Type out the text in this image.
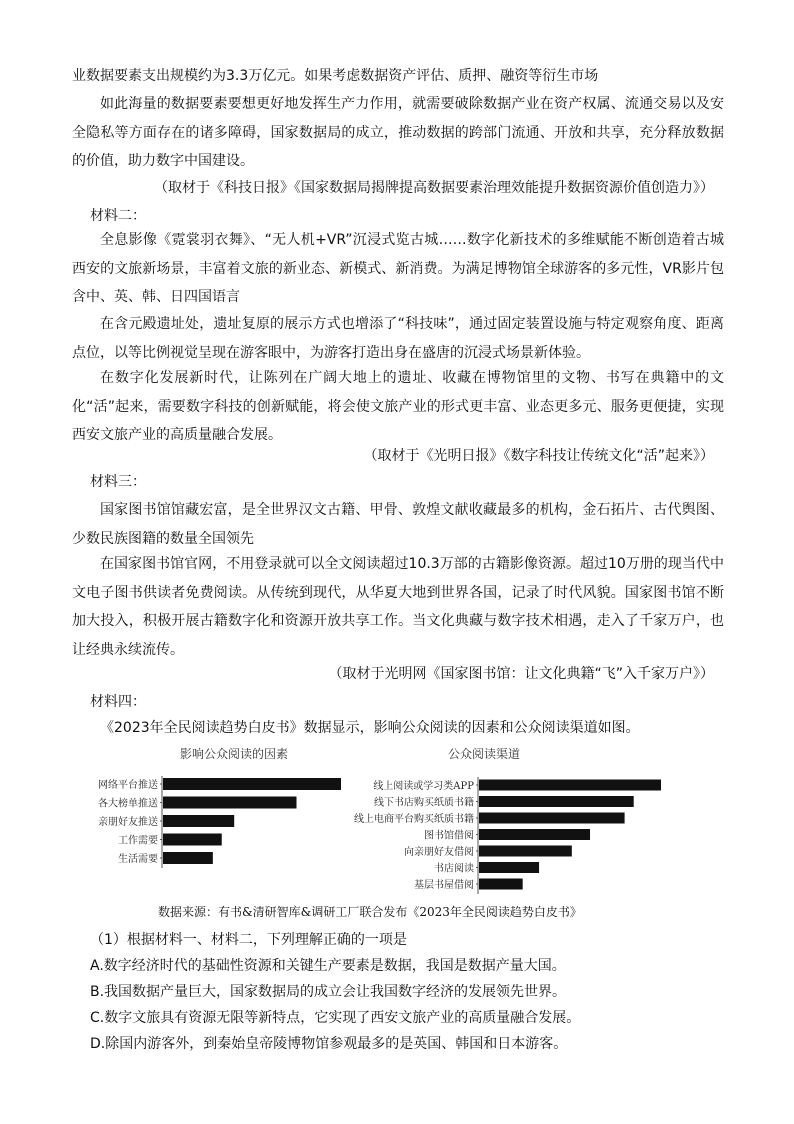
业数据要素支出规模约为3.3万亿元。如果考虑数据资产评估、质押、融资等衍生市场

如此海量的数据要素要想更好地发挥生产力作用，就需要破除数据产业在资产权属、流通交易以及安全隐私等方面存在的诸多障碍，国家数据局的成立，推动数据的跨部门流通、开放和共享，充分释放数据的价值，助力数字中国建设。

（取材于《科技日报》《国家数据局揭牌提高数据要素治理效能提升数据资源价值创造力》）

材料二：

全息影像《霓裳羽衣舞》、“无人机+VR”沉浸式览古城……数字化新技术的多维赋能不断创造着古城西安的文旅新场景，丰富着文旅的新业态、新模式、新消费。为满足博物馆全球游客的多元性，VR影片包含中、英、韩、日四国语言

在含元殿遗址处，遗址复原的展示方式也增添了“科技味”，通过固定装置设施与特定观察角度、距离点位，以等比例视觉呈现在游客眼中，为游客打造出身在盛唐的沉浸式场景新体验。

在数字化发展新时代，让陈列在广阔大地上的遗址、收藏在博物馆里的文物、书写在典籍中的文化“活”起来，需要数字科技的创新赋能，将会使文旅产业的形式更丰富、业态更多元、服务更便捷，实现西安文旅产业的高质量融合发展。

（取材于《光明日报》《数字科技让传统文化“活”起来》）

材料三：

国家图书馆馆藏宏富，是全世界汉文古籍、甲骨、敦煌文献收藏最多的机构，金石拓片、古代舆图、少数民族图籍的数量全国领先

在国家图书馆官网，不用登录就可以全文阅读超过10.3万部的古籍影像资源。超过10万册的现当代中文电子图书供读者免费阅读。从传统到现代，从华夏大地到世界各国，记录了时代风貌。国家图书馆不断加大投入，积极开展古籍数字化和资源开放共享工作。当文化典藏与数字技术相遇，走入了千家万户，也让经典永续流传。

（取材于光明网《国家图书馆：让文化典籍“飞”入千家万户》）

材料四：

《2023年全民阅读趋势白皮书》数据显示，影响公众阅读的因素和公众阅读渠道如图。

影响公众阅读的因素
网络平台推送
各大榜单推送
亲朋好友推送
工作需要
生活需要
公众阅读渠道
线上阅读或学习类APP
线下书店购买纸质书籍
线上电商平台购买纸质书籍
图书馆借阅
向亲朋好友借阅
书店阅读
基层书屋借阅

数据来源：有书&清研智库&调研工厂联合发布《2023年全民阅读趋势白皮书》

（1）根据材料一、材料二，下列理解正确的一项是

A.数字经济时代的基础性资源和关键生产要素是数据，我国是数据产量大国。

B.我国数据产量巨大，国家数据局的成立会让我国数字经济的发展领先世界。

C.数字文旅具有资源无限等新特点，它实现了西安文旅产业的高质量融合发展。

D.除国内游客外，到秦始皇帝陵博物馆参观最多的是英国、韩国和日本游客。
